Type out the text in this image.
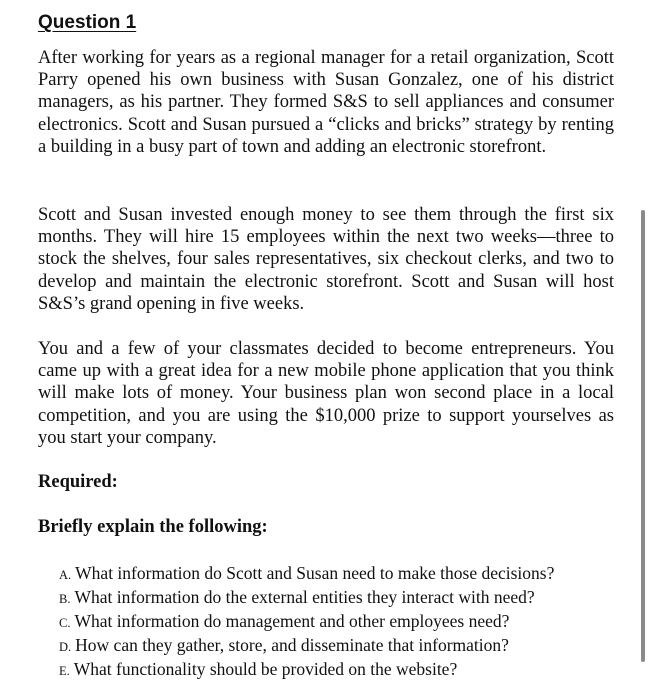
Question 1

After working for years as a regional manager for a retail organization, Scott Parry opened his own business with Susan Gonzalez, one of his district managers, as his partner. They formed S&S to sell appliances and consumer electronics. Scott and Susan pursued a “clicks and bricks” strategy by renting a building in a busy part of town and adding an electronic storefront.

Scott and Susan invested enough money to see them through the first six months. They will hire 15 employees within the next two weeks—three to stock the shelves, four sales representatives, six checkout clerks, and two to develop and maintain the electronic storefront. Scott and Susan will host S&S’s grand opening in five weeks.

You and a few of your classmates decided to become entrepreneurs. You came up with a great idea for a new mobile phone application that you think will make lots of money. Your business plan won second place in a local competition, and you are using the $10,000 prize to support yourselves as you start your company.

Required:

Briefly explain the following:

A. What information do Scott and Susan need to make those decisions?
B. What information do the external entities they interact with need?
C. What information do management and other employees need?
D. How can they gather, store, and disseminate that information?
E. What functionality should be provided on the website?
